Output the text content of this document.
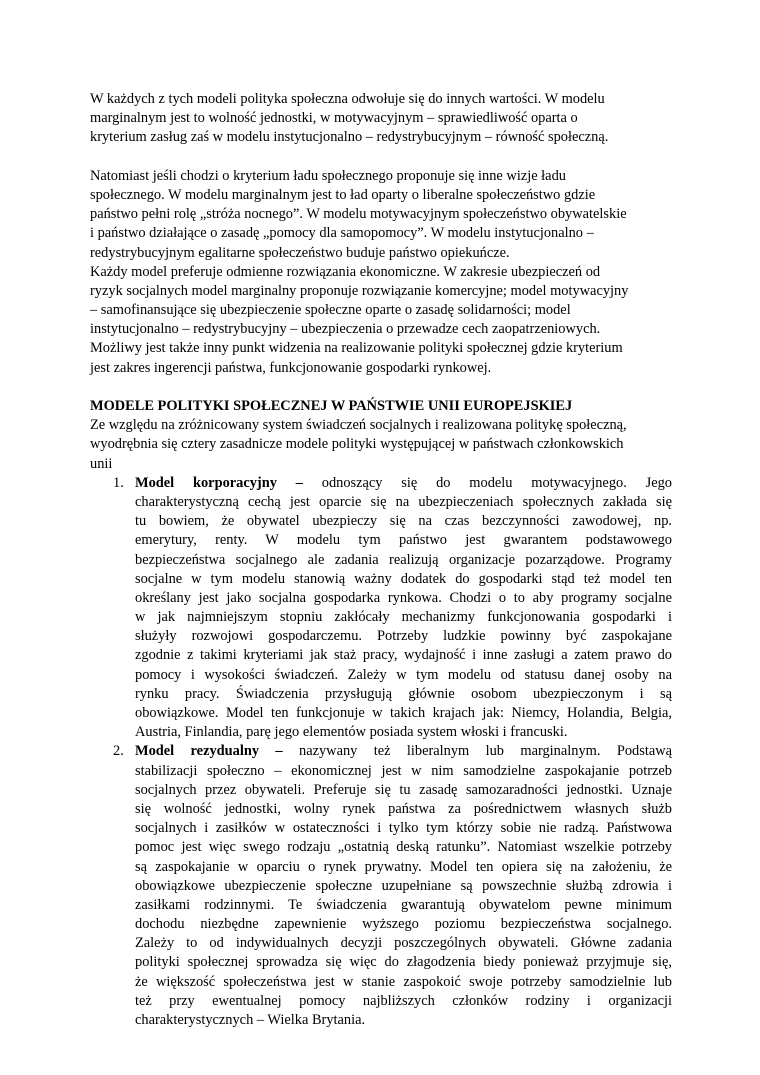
W każdych z tych modeli polityka społeczna odwołuje się do innych wartości. W modelu
marginalnym jest to wolność jednostki, w motywacyjnym – sprawiedliwość oparta o
kryterium zasług zaś w modelu instytucjonalno – redystrybucyjnym – równość społeczną.
Natomiast jeśli chodzi o kryterium ładu społecznego proponuje się inne wizje ładu
społecznego. W modelu marginalnym jest to ład oparty o liberalne społeczeństwo gdzie
państwo pełni rolę „stróża nocnego”. W modelu motywacyjnym społeczeństwo obywatelskie
i państwo działające o zasadę „pomocy dla samopomocy”. W modelu instytucjonalno –
redystrybucyjnym egalitarne społeczeństwo buduje państwo opiekuńcze.
Każdy model preferuje odmienne rozwiązania ekonomiczne. W zakresie ubezpieczeń od
ryzyk socjalnych model marginalny proponuje rozwiązanie komercyjne; model motywacyjny
– samofinansujące się ubezpieczenie społeczne oparte o zasadę solidarności; model
instytucjonalno – redystrybucyjny – ubezpieczenia o przewadze cech zaopatrzeniowych.
Możliwy jest także inny punkt widzenia na realizowanie polityki społecznej gdzie kryterium
jest zakres ingerencji państwa, funkcjonowanie gospodarki rynkowej.
MODELE POLITYKI SPOŁECZNEJ W PAŃSTWIE UNII EUROPEJSKIEJ
Ze względu na zróżnicowany system świadczeń socjalnych i realizowana politykę społeczną,
wyodrębnia się cztery zasadnicze modele polityki występującej w państwach członkowskich
unii
1. Model korporacyjny – odnoszący się do modelu motywacyjnego. Jego
charakterystyczną cechą jest oparcie się na ubezpieczeniach społecznych zakłada się
tu bowiem, że obywatel ubezpieczy się na czas bezczynności zawodowej, np.
emerytury, renty. W modelu tym państwo jest gwarantem podstawowego
bezpieczeństwa socjalnego ale zadania realizują organizacje pozarządowe. Programy
socjalne w tym modelu stanowią ważny dodatek do gospodarki stąd też model ten
określany jest jako socjalna gospodarka rynkowa. Chodzi o to aby programy socjalne
w jak najmniejszym stopniu zakłócały mechanizmy funkcjonowania gospodarki i
służyły rozwojowi gospodarczemu. Potrzeby ludzkie powinny być zaspokajane
zgodnie z takimi kryteriami jak staż pracy, wydajność i inne zasługi a zatem prawo do
pomocy i wysokości świadczeń. Zależy w tym modelu od statusu danej osoby na
rynku pracy. Świadczenia przysługują głównie osobom ubezpieczonym i są
obowiązkowe. Model ten funkcjonuje w takich krajach jak: Niemcy, Holandia, Belgia,
Austria, Finlandia, parę jego elementów posiada system włoski i francuski.
2. Model rezydualny – nazywany też liberalnym lub marginalnym. Podstawą
stabilizacji społeczno – ekonomicznej jest w nim samodzielne zaspokajanie potrzeb
socjalnych przez obywateli. Preferuje się tu zasadę samozaradności jednostki. Uznaje
się wolność jednostki, wolny rynek państwa za pośrednictwem własnych służb
socjalnych i zasiłków w ostateczności i tylko tym którzy sobie nie radzą. Państwowa
pomoc jest więc swego rodzaju „ostatnią deską ratunku”. Natomiast wszelkie potrzeby
są zaspokajanie w oparciu o rynek prywatny. Model ten opiera się na założeniu, że
obowiązkowe ubezpieczenie społeczne uzupełniane są powszechnie służbą zdrowia i
zasiłkami rodzinnymi. Te świadczenia gwarantują obywatelom pewne minimum
dochodu niezbędne zapewnienie wyższego poziomu bezpieczeństwa socjalnego.
Zależy to od indywidualnych decyzji poszczególnych obywateli. Główne zadania
polityki społecznej sprowadza się więc do złagodzenia biedy ponieważ przyjmuje się,
że większość społeczeństwa jest w stanie zaspokoić swoje potrzeby samodzielnie lub
też przy ewentualnej pomocy najbliższych członków rodziny i organizacji
charakterystycznych – Wielka Brytania.
